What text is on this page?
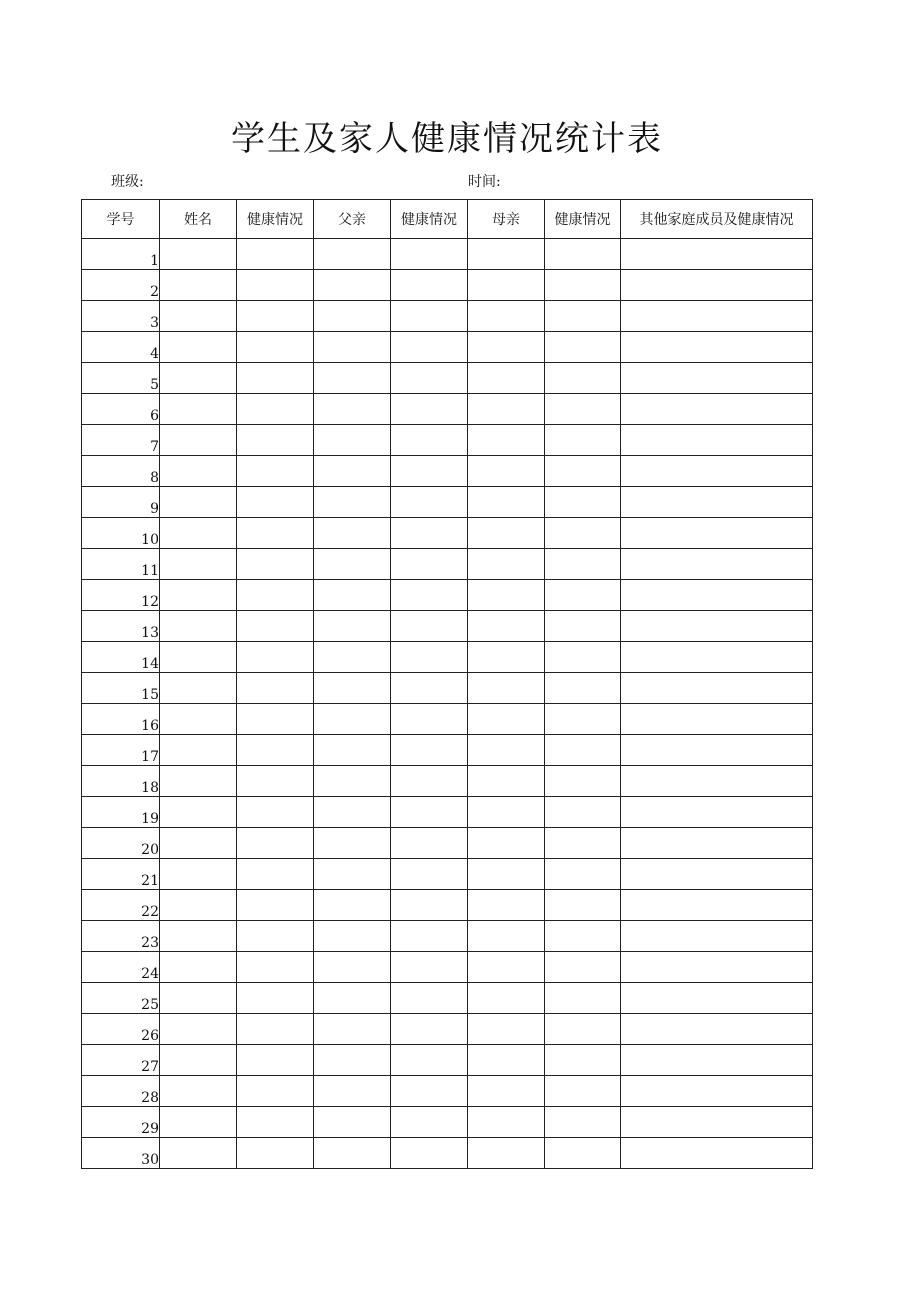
学生及家人健康情况统计表
班级:	时间:
学号	姓名	健康情况	父亲	健康情况	母亲	健康情况	其他家庭成员及健康情况
1							
2							
3							
4							
5							
6							
7							
8							
9							
10							
11							
12							
13							
14							
15							
16							
17							
18							
19							
20							
21							
22							
23							
24							
25							
26							
27							
28							
29							
30							
